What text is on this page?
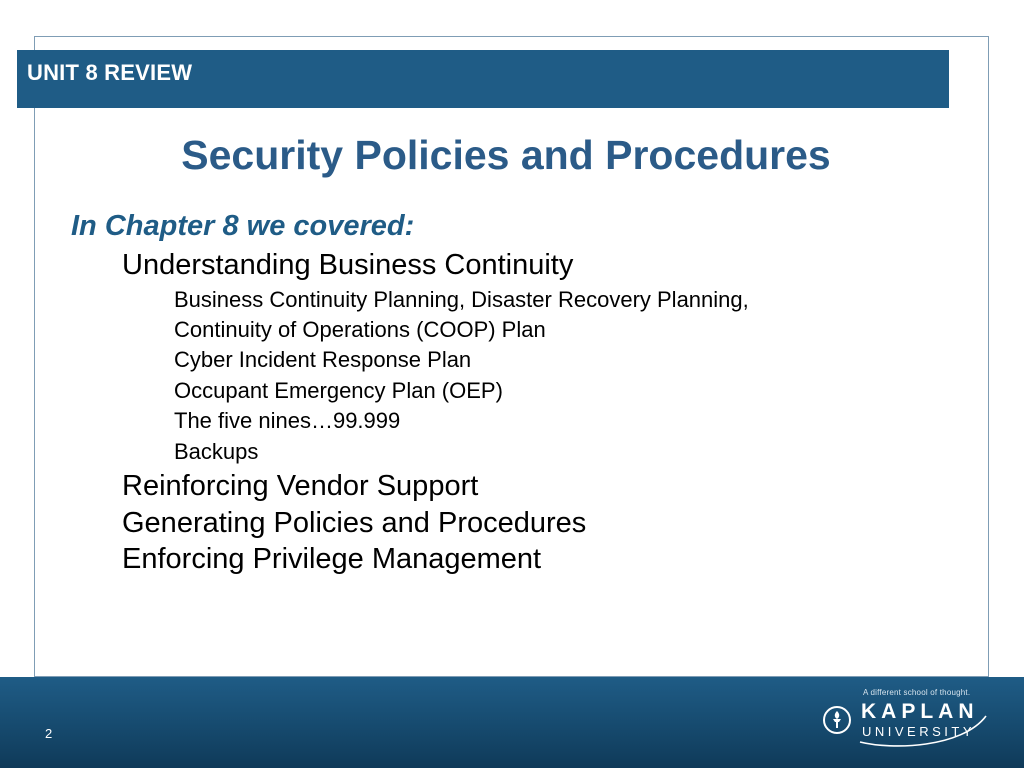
UNIT 8 REVIEW
Security Policies and Procedures
In Chapter 8 we covered:
Understanding Business Continuity
Business Continuity Planning, Disaster Recovery Planning,
Continuity of Operations (COOP) Plan
Cyber Incident Response Plan
Occupant Emergency Plan (OEP)
The five nines…99.999
Backups
Reinforcing Vendor Support
Generating Policies and Procedures
Enforcing Privilege Management
2
A different school of thought.
KAPLAN
UNIVERSITY
